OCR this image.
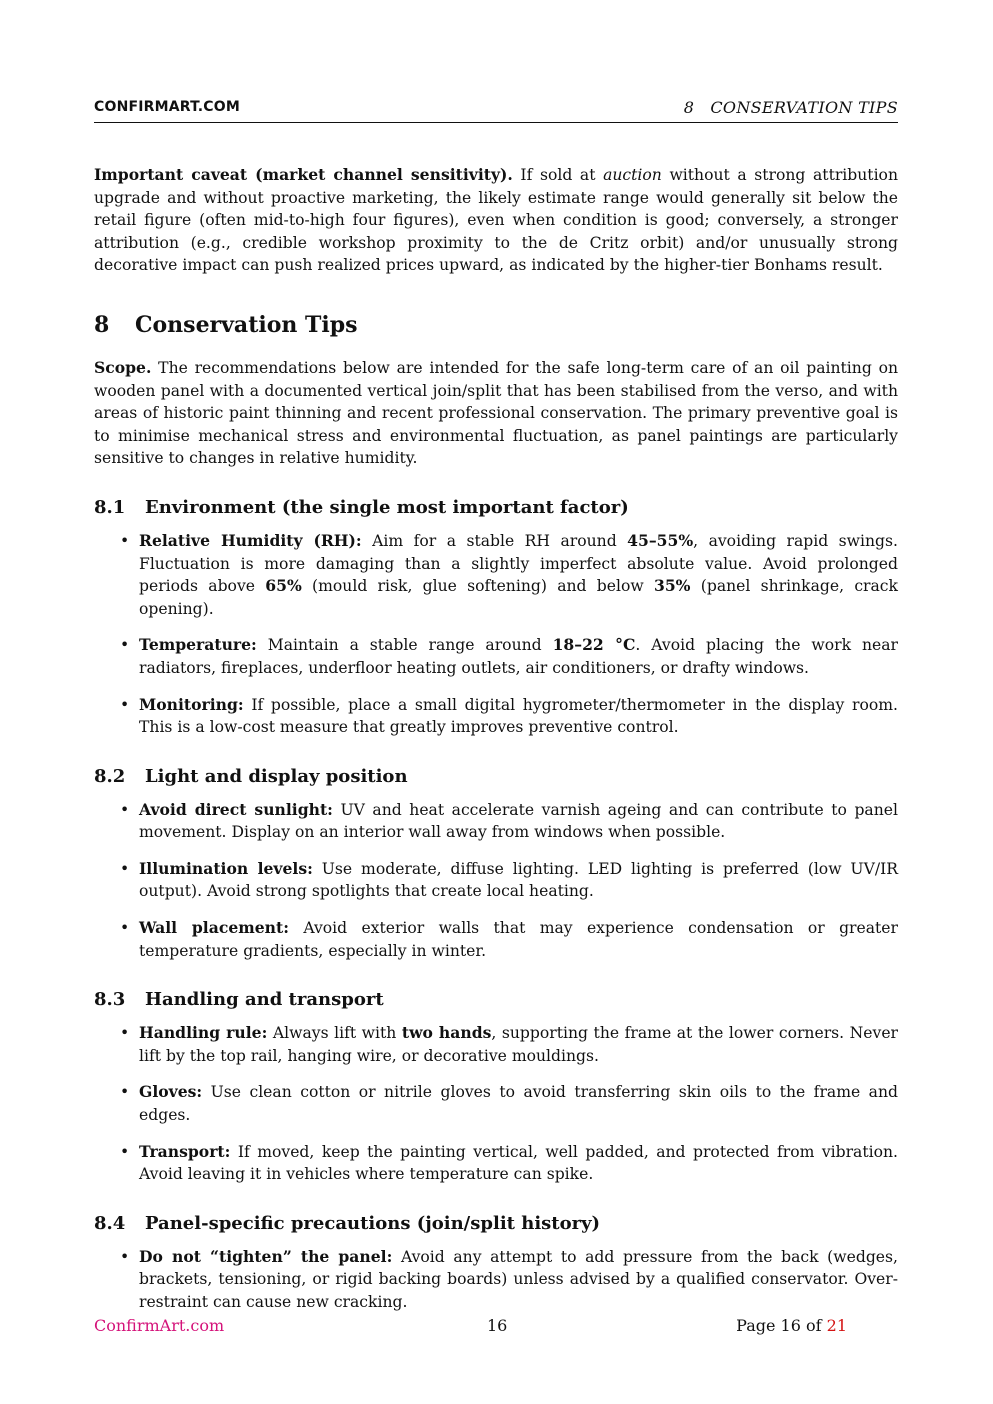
CONFIRMART.COM	8   CONSERVATION TIPS

Important caveat (market channel sensitivity). If sold at auction without a strong attribution upgrade and without proactive marketing, the likely estimate range would generally sit below the retail figure (often mid-to-high four figures), even when condition is good; conversely, a stronger attribution (e.g., credible workshop proximity to the de Critz orbit) and/or unusually strong decorative impact can push realized prices upward, as indicated by the higher-tier Bonhams result.

8 Conservation Tips

Scope. The recommendations below are intended for the safe long-term care of an oil painting on wooden panel with a documented vertical join/split that has been stabilised from the verso, and with areas of historic paint thinning and recent professional conservation. The primary preventive goal is to minimise mechanical stress and environmental fluctuation, as panel paintings are particularly sensitive to changes in relative humidity.

8.1 Environment (the single most important factor)
• Relative Humidity (RH): Aim for a stable RH around 45–55%, avoiding rapid swings. Fluctuation is more damaging than a slightly imperfect absolute value. Avoid prolonged periods above 65% (mould risk, glue softening) and below 35% (panel shrinkage, crack opening).
• Temperature: Maintain a stable range around 18–22 °C. Avoid placing the work near radiators, fireplaces, underfloor heating outlets, air conditioners, or drafty windows.
• Monitoring: If possible, place a small digital hygrometer/thermometer in the display room. This is a low-cost measure that greatly improves preventive control.
8.2 Light and display position
• Avoid direct sunlight: UV and heat accelerate varnish ageing and can contribute to panel movement. Display on an interior wall away from windows when possible.
• Illumination levels: Use moderate, diffuse lighting. LED lighting is preferred (low UV/IR output). Avoid strong spotlights that create local heating.
• Wall placement: Avoid exterior walls that may experience condensation or greater temperature gradients, especially in winter.
8.3 Handling and transport
• Handling rule: Always lift with two hands, supporting the frame at the lower corners. Never lift by the top rail, hanging wire, or decorative mouldings.
• Gloves: Use clean cotton or nitrile gloves to avoid transferring skin oils to the frame and edges.
• Transport: If moved, keep the painting vertical, well padded, and protected from vibration. Avoid leaving it in vehicles where temperature can spike.
8.4 Panel-specific precautions (join/split history)
• Do not “tighten” the panel: Avoid any attempt to add pressure from the back (wedges, brackets, tensioning, or rigid backing boards) unless advised by a qualified conservator. Over-restraint can cause new cracking.
ConfirmArt.com	16	Page 16 of 21
